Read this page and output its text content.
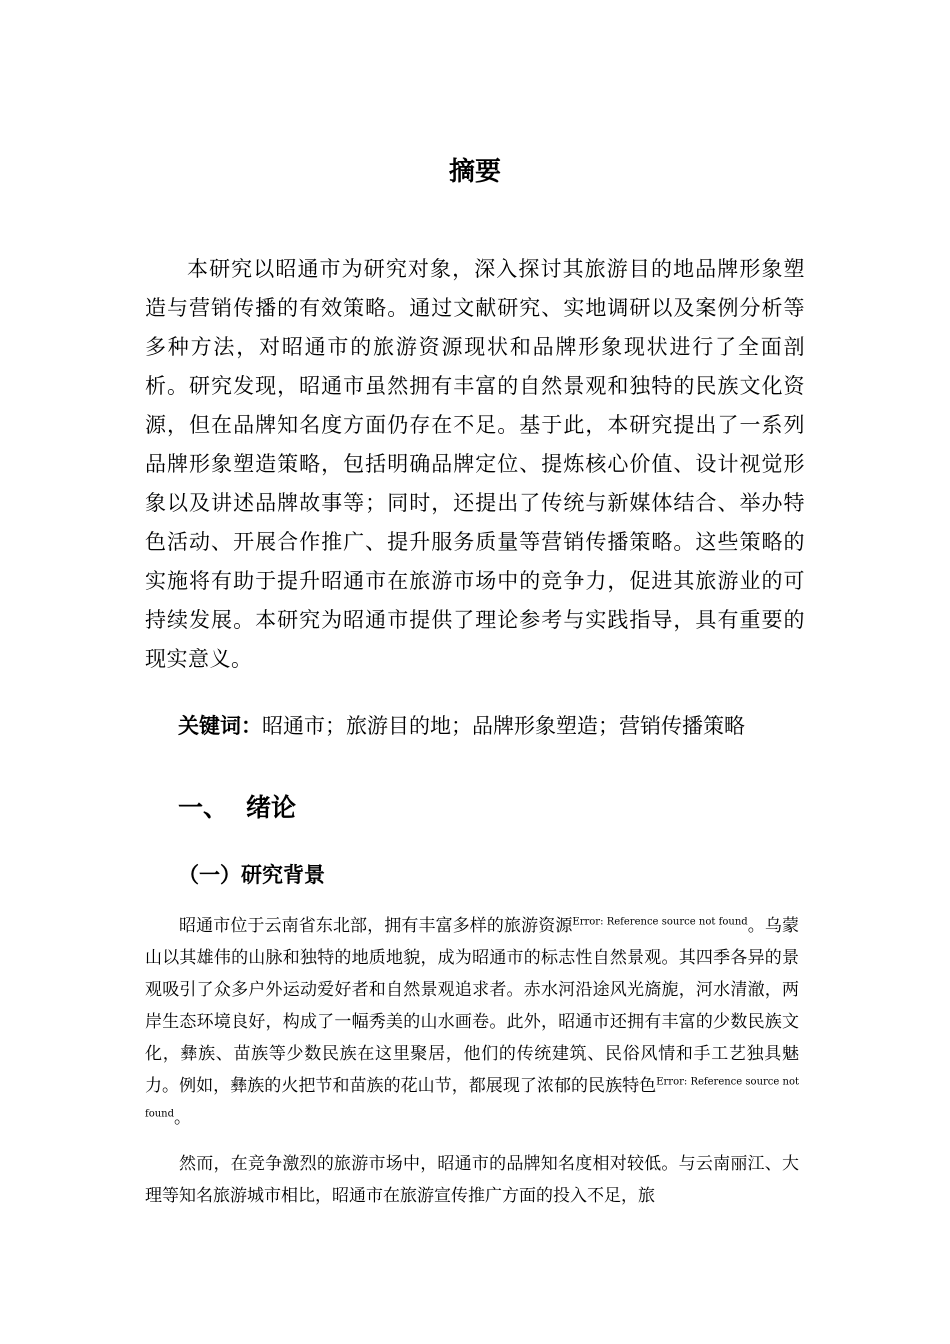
摘要

本研究以昭通市为研究对象，深入探讨其旅游目的地品牌形象塑造与营销传播的有效策略。通过文献研究、实地调研以及案例分析等多种方法，对昭通市的旅游资源现状和品牌形象现状进行了全面剖析。研究发现，昭通市虽然拥有丰富的自然景观和独特的民族文化资源，但在品牌知名度方面仍存在不足。基于此，本研究提出了一系列品牌形象塑造策略，包括明确品牌定位、提炼核心价值、设计视觉形象以及讲述品牌故事等；同时，还提出了传统与新媒体结合、举办特色活动、开展合作推广、提升服务质量等营销传播策略。这些策略的实施将有助于提升昭通市在旅游市场中的竞争力，促进其旅游业的可持续发展。本研究为昭通市提供了理论参考与实践指导，具有重要的现实意义。

关键词：昭通市；旅游目的地；品牌形象塑造；营销传播策略

一、 绪论
（一）研究背景

昭通市位于云南省东北部，拥有丰富多样的旅游资源$^{Error: Reference source not found}$。乌蒙山以其雄伟的山脉和独特的地质地貌，成为昭通市的标志性自然景观。其四季各异的景观吸引了众多户外运动爱好者和自然景观追求者。赤水河沿途风光旖旎，河水清澈，两岸生态环境良好，构成了一幅秀美的山水画卷。此外，昭通市还拥有丰富的少数民族文化，彝族、苗族等少数民族在这里聚居，他们的传统建筑、民俗风情和手工艺独具魅力。例如，彝族的火把节和苗族的花山节，都展现了浓郁的民族特色$^{Error: Reference source not found}$。

然而，在竞争激烈的旅游市场中，昭通市的品牌知名度相对较低。与云南丽江、大理等知名旅游城市相比，昭通市在旅游宣传推广方面的投入不足，旅
